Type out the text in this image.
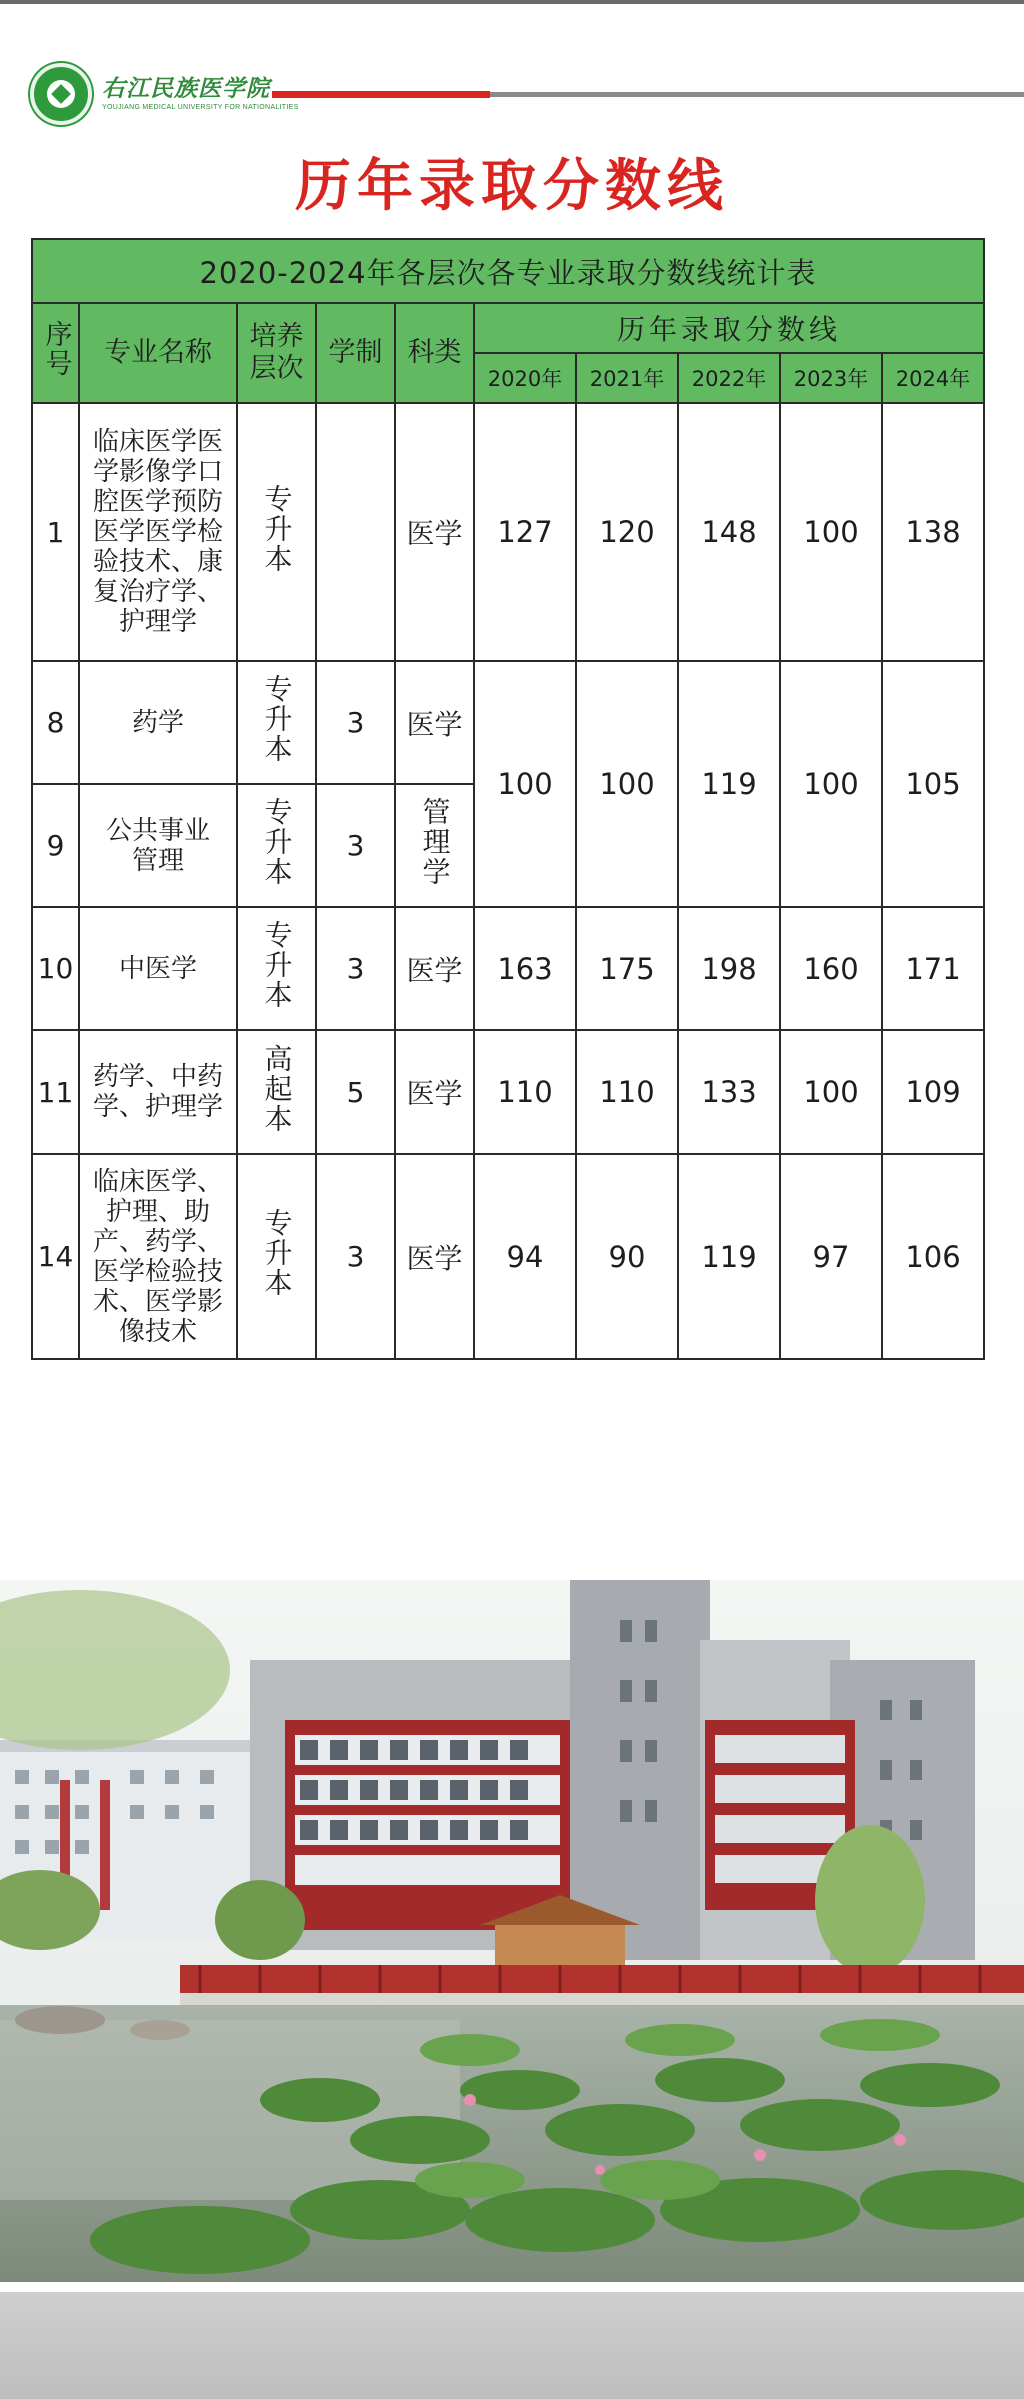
右江民族医学院
YOUJIANG MEDICAL UNIVERSITY FOR NATIONALITIES
历年录取分数线
2020-2024年各层次各专业录取分数线统计表									
序号	专业名称	培养层次	学制	科类	历年录取分数线				
					2020年	2021年	2022年	2023年	2024年
1	临床医学医学影像学口腔医学预防医学医学检验技术、康复治疗学、护理学	专升本		医学	127	120	148	100	138
8	药学	专升本	3	医学	100	100	119	100	105
9	公共事业管理	专升本	3	管理学					
10	中医学	专升本	3	医学	163	175	198	160	171
11	药学、中药学、护理学	高起本	5	医学	110	110	133	100	109
14	临床医学、护理、助产、药学、医学检验技术、医学影像技术	专升本	3	医学	94	90	119	97	106
